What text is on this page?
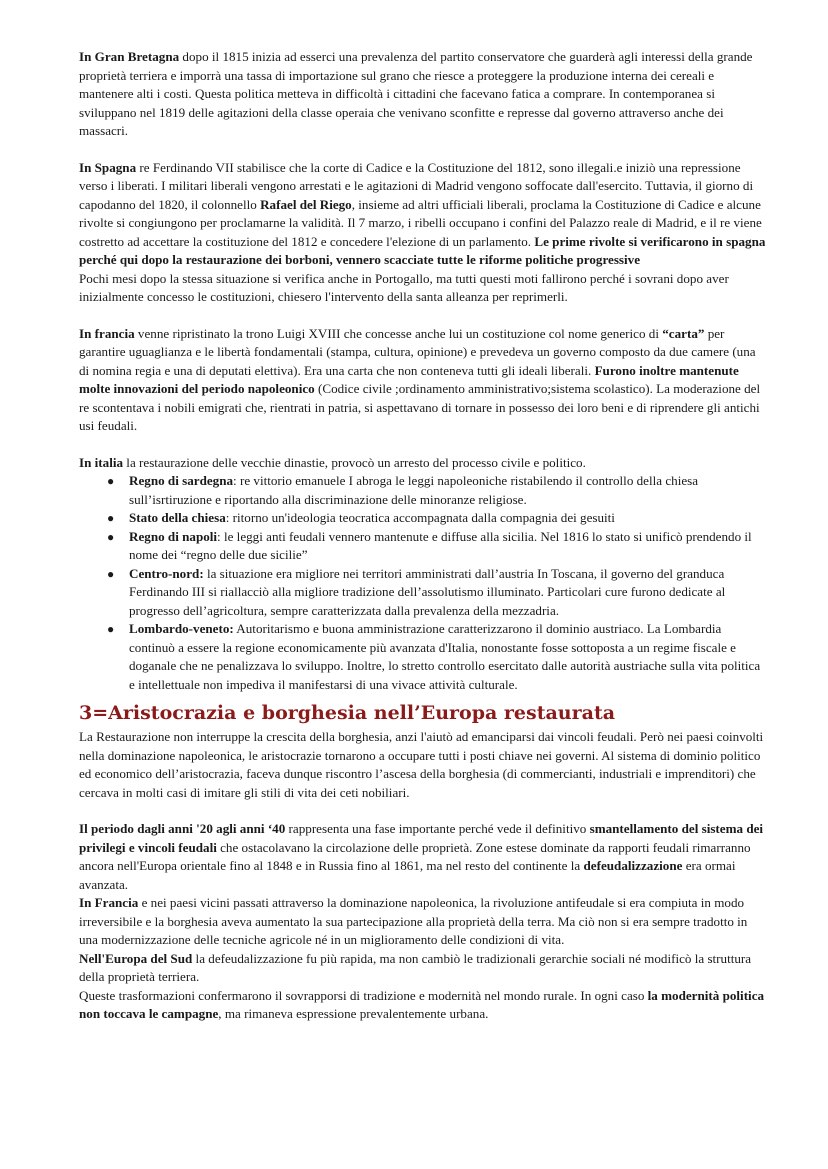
In Gran Bretagna dopo il 1815 inizia ad esserci una prevalenza del partito conservatore che guarderà agli interessi della grande proprietà terriera e imporrà una tassa di importazione sul grano che riesce a proteggere la produzione interna dei cereali e mantenere alti i costi. Questa politica metteva in difficoltà i cittadini che facevano fatica a comprare. In contemporanea si sviluppano nel 1819 delle agitazioni della classe operaia che venivano sconfitte e represse dal governo attraverso anche dei massacri.

In Spagna re Ferdinando VII stabilisce che la corte di Cadice e la Costituzione del 1812, sono illegali.e iniziò una repressione verso i liberati. I militari liberali vengono arrestati e le agitazioni di Madrid vengono soffocate dall'esercito. Tuttavia, il giorno di capodanno del 1820, il colonnello Rafael del Riego, insieme ad altri ufficiali liberali, proclama la Costituzione di Cadice e alcune rivolte si congiungono per proclamarne la validità. Il 7 marzo, i ribelli occupano i confini del Palazzo reale di Madrid, e il re viene costretto ad accettare la costituzione del 1812 e concedere l'elezione di un parlamento. Le prime rivolte si verificarono in spagna perché qui dopo la restaurazione dei borboni, vennero scacciate tutte le riforme politiche progressive

Pochi mesi dopo la stessa situazione si verifica anche in Portogallo, ma tutti questi moti fallirono perché i sovrani dopo aver inizialmente concesso le costituzioni, chiesero l'intervento della santa alleanza per reprimerli.

In francia venne ripristinato la trono Luigi XVIII che concesse anche lui un costituzione col nome generico di “carta” per garantire uguaglianza e le libertà fondamentali (stampa, cultura, opinione) e prevedeva un governo composto da due camere (una di nomina regia e una di deputati elettiva). Era una carta che non conteneva tutti gli ideali liberali. Furono inoltre mantenute molte innovazioni del periodo napoleonico (Codice civile ;ordinamento amministrativo;sistema scolastico). La moderazione del re scontentava i nobili emigrati che, rientrati in patria, si aspettavano di tornare in possesso dei loro beni e di riprendere gli antichi usi feudali.

In italia la restaurazione delle vecchie dinastie, provocò un arresto del processo civile e politico.

● Regno di sardegna: re vittorio emanuele I abroga le leggi napoleoniche ristabilendo il controllo della chiesa sull’isrtiruzione e riportando alla discriminazione delle minoranze religiose.
● Stato della chiesa: ritorno un'ideologia teocratica accompagnata dalla compagnia dei gesuiti
● Regno di napoli: le leggi anti feudali vennero mantenute e diffuse alla sicilia. Nel 1816 lo stato si unificò prendendo il nome dei “regno delle due sicilie”
● Centro-nord: la situazione era migliore nei territori amministrati dall’austria In Toscana, il governo del granduca Ferdinando III si riallacciò alla migliore tradizione dell’assolutismo illuminato. Particolari cure furono dedicate al progresso dell’agricoltura, sempre caratterizzata dalla prevalenza della mezzadria.
● Lombardo-veneto: Autoritarismo e buona amministrazione caratterizzarono il dominio austriaco. La Lombardia continuò a essere la regione economicamente più avanzata d'Italia, nonostante fosse sottoposta a un regime fiscale e doganale che ne penalizzava lo sviluppo. Inoltre, lo stretto controllo esercitato dalle autorità austriache sulla vita politica e intellettuale non impediva il manifestarsi di una vivace attività culturale.
3=Aristocrazia e borghesia nell’Europa restaurata

La Restaurazione non interruppe la crescita della borghesia, anzi l'aiutò ad emanciparsi dai vincoli feudali. Però nei paesi coinvolti nella dominazione napoleonica, le aristocrazie tornarono a occupare tutti i posti chiave nei governi. Al sistema di dominio politico ed economico dell’aristocrazia, faceva dunque riscontro l’ascesa della borghesia (di commercianti, industriali e imprenditori) che cercava in molti casi di imitare gli stili di vita dei ceti nobiliari.

Il periodo dagli anni '20 agli anni ‘40 rappresenta una fase importante perché vede il definitivo smantellamento del sistema dei privilegi e vincoli feudali che ostacolavano la circolazione delle proprietà. Zone estese dominate da rapporti feudali rimarranno ancora nell'Europa orientale fino al 1848 e in Russia fino al 1861, ma nel resto del continente la defeudalizzazione era ormai avanzata.

In Francia e nei paesi vicini passati attraverso la dominazione napoleonica, la rivoluzione antifeudale si era compiuta in modo irreversibile e la borghesia aveva aumentato la sua partecipazione alla proprietà della terra. Ma ciò non si era sempre tradotto in una modernizzazione delle tecniche agricole né in un miglioramento delle condizioni di vita.

Nell'Europa del Sud la defeudalizzazione fu più rapida, ma non cambiò le tradizionali gerarchie sociali né modificò la struttura della proprietà terriera.

Queste trasformazioni confermarono il sovrapporsi di tradizione e modernità nel mondo rurale. In ogni caso la modernità politica non toccava le campagne, ma rimaneva espressione prevalentemente urbana.
